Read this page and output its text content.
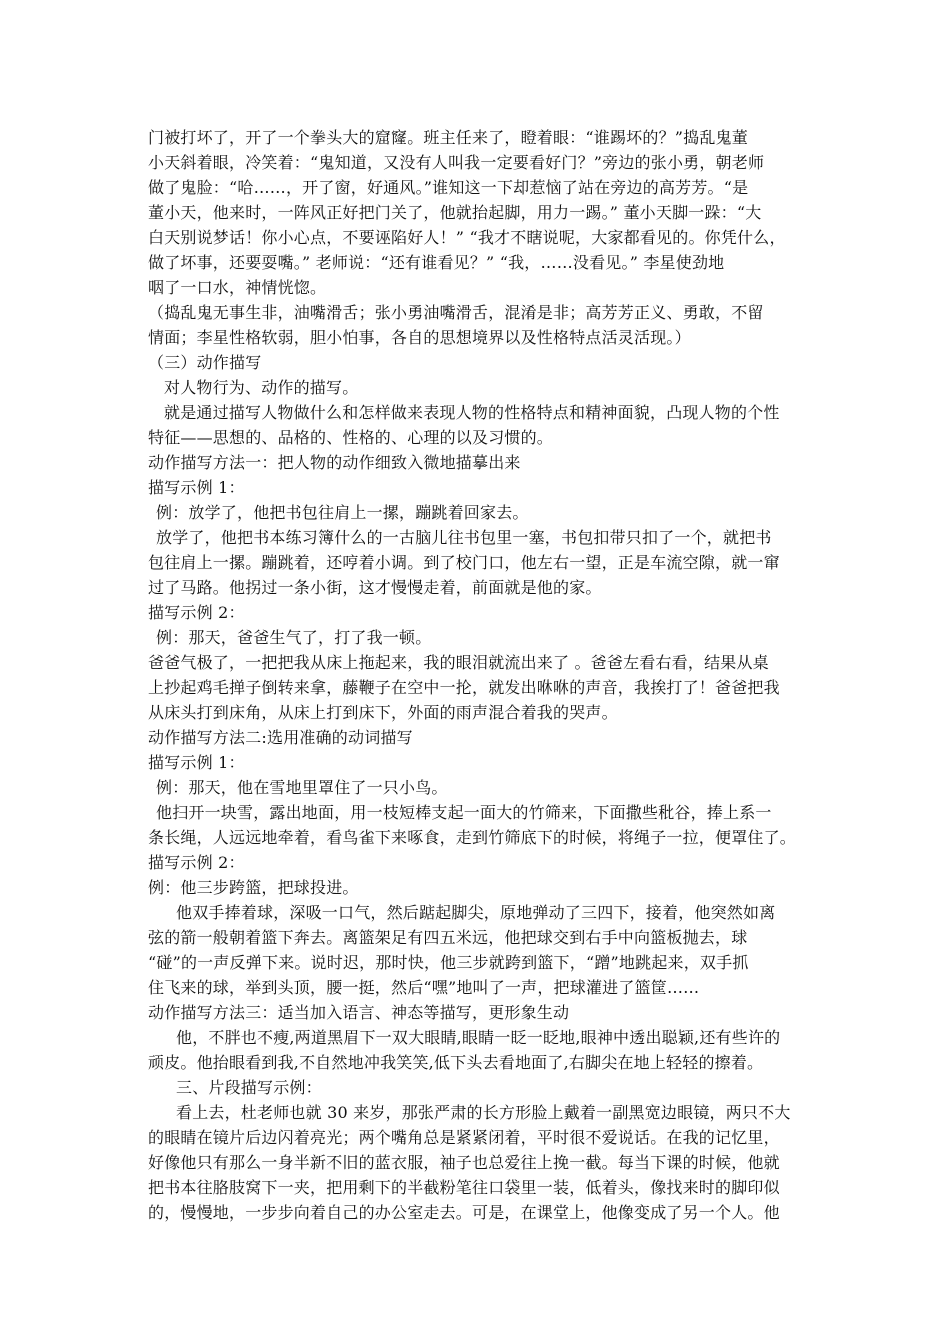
门被打坏了，开了一个拳头大的窟窿。班主任来了，瞪着眼：“谁踢坏的？”捣乱鬼董
小天斜着眼，冷笑着：“鬼知道，又没有人叫我一定要看好门？”旁边的张小勇，朝老师
做了鬼脸：“哈……，开了窗，好通风。”谁知这一下却惹恼了站在旁边的高芳芳。“是
董小天，他来时，一阵风正好把门关了，他就抬起脚，用力一踢。” 董小天脚一跺：“大
白天别说梦话！你小心点，不要诬陷好人！” “我才不瞎说呢，大家都看见的。你凭什么，
做了坏事，还要耍嘴。” 老师说：“还有谁看见？” “我，……没看见。” 李星使劲地
咽了一口水，神情恍惚。
（捣乱鬼无事生非，油嘴滑舌；张小勇油嘴滑舌，混淆是非；高芳芳正义、勇敢，不留
情面；李星性格软弱，胆小怕事，各自的思想境界以及性格特点活灵活现。）
（三）动作描写
对人物行为、动作的描写。
就是通过描写人物做什么和怎样做来表现人物的性格特点和精神面貌，凸现人物的个性
特征——思想的、品格的、性格的、心理的以及习惯的。
动作描写方法一：把人物的动作细致入微地描摹出来
描写示例 1：
例：放学了，他把书包往肩上一摞，蹦跳着回家去。
放学了，他把书本练习簿什么的一古脑儿往书包里一塞，书包扣带只扣了一个，就把书
包往肩上一摞。蹦跳着，还哼着小调。到了校门口，他左右一望，正是车流空隙，就一窜
过了马路。他拐过一条小街，这才慢慢走着，前面就是他的家。
描写示例 2：
例：那天，爸爸生气了，打了我一顿。
爸爸气极了，一把把我从床上拖起来，我的眼泪就流出来了 。爸爸左看右看，结果从桌
上抄起鸡毛掸子倒转来拿，藤鞭子在空中一抡，就发出咻咻的声音，我挨打了！爸爸把我
从床头打到床角，从床上打到床下，外面的雨声混合着我的哭声。
动作描写方法二:选用准确的动词描写
描写示例 1：
例：那天，他在雪地里罩住了一只小鸟。
他扫开一块雪，露出地面，用一枝短棒支起一面大的竹筛来，下面撒些秕谷，捧上系一
条长绳，人远远地牵着，看鸟雀下来啄食，走到竹筛底下的时候，将绳子一拉，便罩住了。
描写示例 2：
例：他三步跨篮，把球投进。
他双手捧着球，深吸一口气，然后踮起脚尖，原地弹动了三四下，接着，他突然如离
弦的箭一般朝着篮下奔去。离篮架足有四五米远，他把球交到右手中向篮板抛去，球
“碰”的一声反弹下来。说时迟，那时快，他三步就跨到篮下，“蹭”地跳起来，双手抓
住飞来的球，举到头顶，腰一挺，然后“嘿”地叫了一声，把球灌进了篮筐……
动作描写方法三：适当加入语言、神态等描写，更形象生动
他，不胖也不瘦,两道黑眉下一双大眼睛,眼睛一眨一眨地,眼神中透出聪颖,还有些许的
顽皮。他抬眼看到我,不自然地冲我笑笑,低下头去看地面了,右脚尖在地上轻轻的擦着。
三、片段描写示例：
看上去，杜老师也就 30 来岁，那张严肃的长方形脸上戴着一副黑宽边眼镜，两只不大
的眼睛在镜片后边闪着亮光；两个嘴角总是紧紧闭着，平时很不爱说话。在我的记忆里，
好像他只有那么一身半新不旧的蓝衣服，袖子也总爱往上挽一截。每当下课的时候，他就
把书本往胳肢窝下一夹，把用剩下的半截粉笔往口袋里一装，低着头，像找来时的脚印似
的，慢慢地，一步步向着自己的办公室走去。可是，在课堂上，他像变成了另一个人。他
